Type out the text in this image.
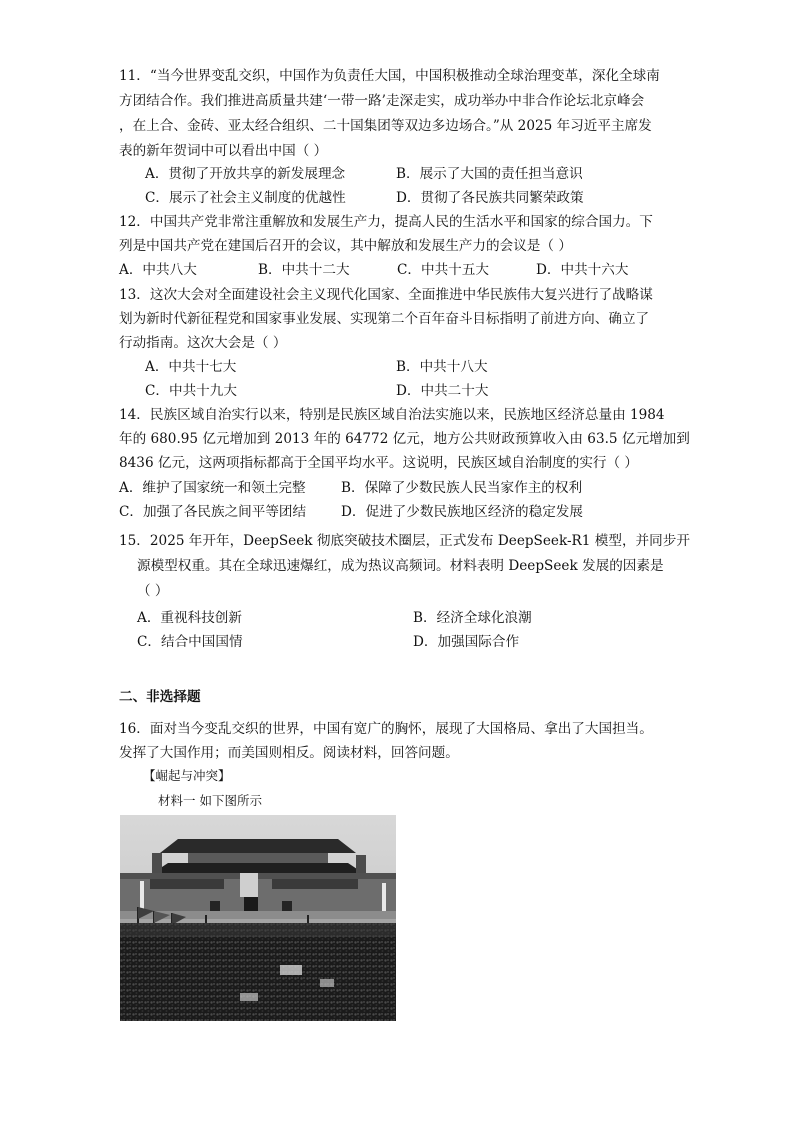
11．“当今世界变乱交织，中国作为负责任大国，中国积极推动全球治理变革，深化全球南
方团结合作。我们推进高质量共建‘一带一路’走深走实，成功举办中非合作论坛北京峰会
，在上合、金砖、亚太经合组织、二十国集团等双边多边场合。”从 2025 年习近平主席发
表的新年贺词中可以看出中国（ ）
A．贯彻了开放共享的新发展理念	B．展示了大国的责任担当意识
C．展示了社会主义制度的优越性	D．贯彻了各民族共同繁荣政策
12．中国共产党非常注重解放和发展生产力，提高人民的生活水平和国家的综合国力。下
列是中国共产党在建国后召开的会议，其中解放和发展生产力的会议是（ ）
A．中共八大	B．中共十二大	C．中共十五大	D．中共十六大
13．这次大会对全面建设社会主义现代化国家、全面推进中华民族伟大复兴进行了战略谋
划为新时代新征程党和国家事业发展、实现第二个百年奋斗目标指明了前进方向、确立了
行动指南。这次大会是（ ）
A．中共十七大	B．中共十八大
C．中共十九大	D．中共二十大
14．民族区域自治实行以来，特别是民族区域自治法实施以来，民族地区经济总量由 1984
年的 680.95 亿元增加到 2013 年的 64772 亿元，地方公共财政预算收入由 63.5 亿元增加到
8436 亿元，这两项指标都高于全国平均水平。这说明，民族区域自治制度的实行（ ）
A．维护了国家统一和领土完整	B．保障了少数民族人民当家作主的权利
C．加强了各民族之间平等团结	D．促进了少数民族地区经济的稳定发展
15．2025 年开年，DeepSeek 彻底突破技术圈层，正式发布 DeepSeek-R1 模型，并同步开
源模型权重。其在全球迅速爆红，成为热议高频词。材料表明 DeepSeek 发展的因素是
（ ）
A．重视科技创新	B．经济全球化浪潮
C．结合中国国情	D．加强国际合作
二、非选择题
16．面对当今变乱交织的世界，中国有宽广的胸怀，展现了大国格局、拿出了大国担当。
发挥了大国作用；而美国则相反。阅读材料，回答问题。
【崛起与冲突】
材料一 如下图所示
